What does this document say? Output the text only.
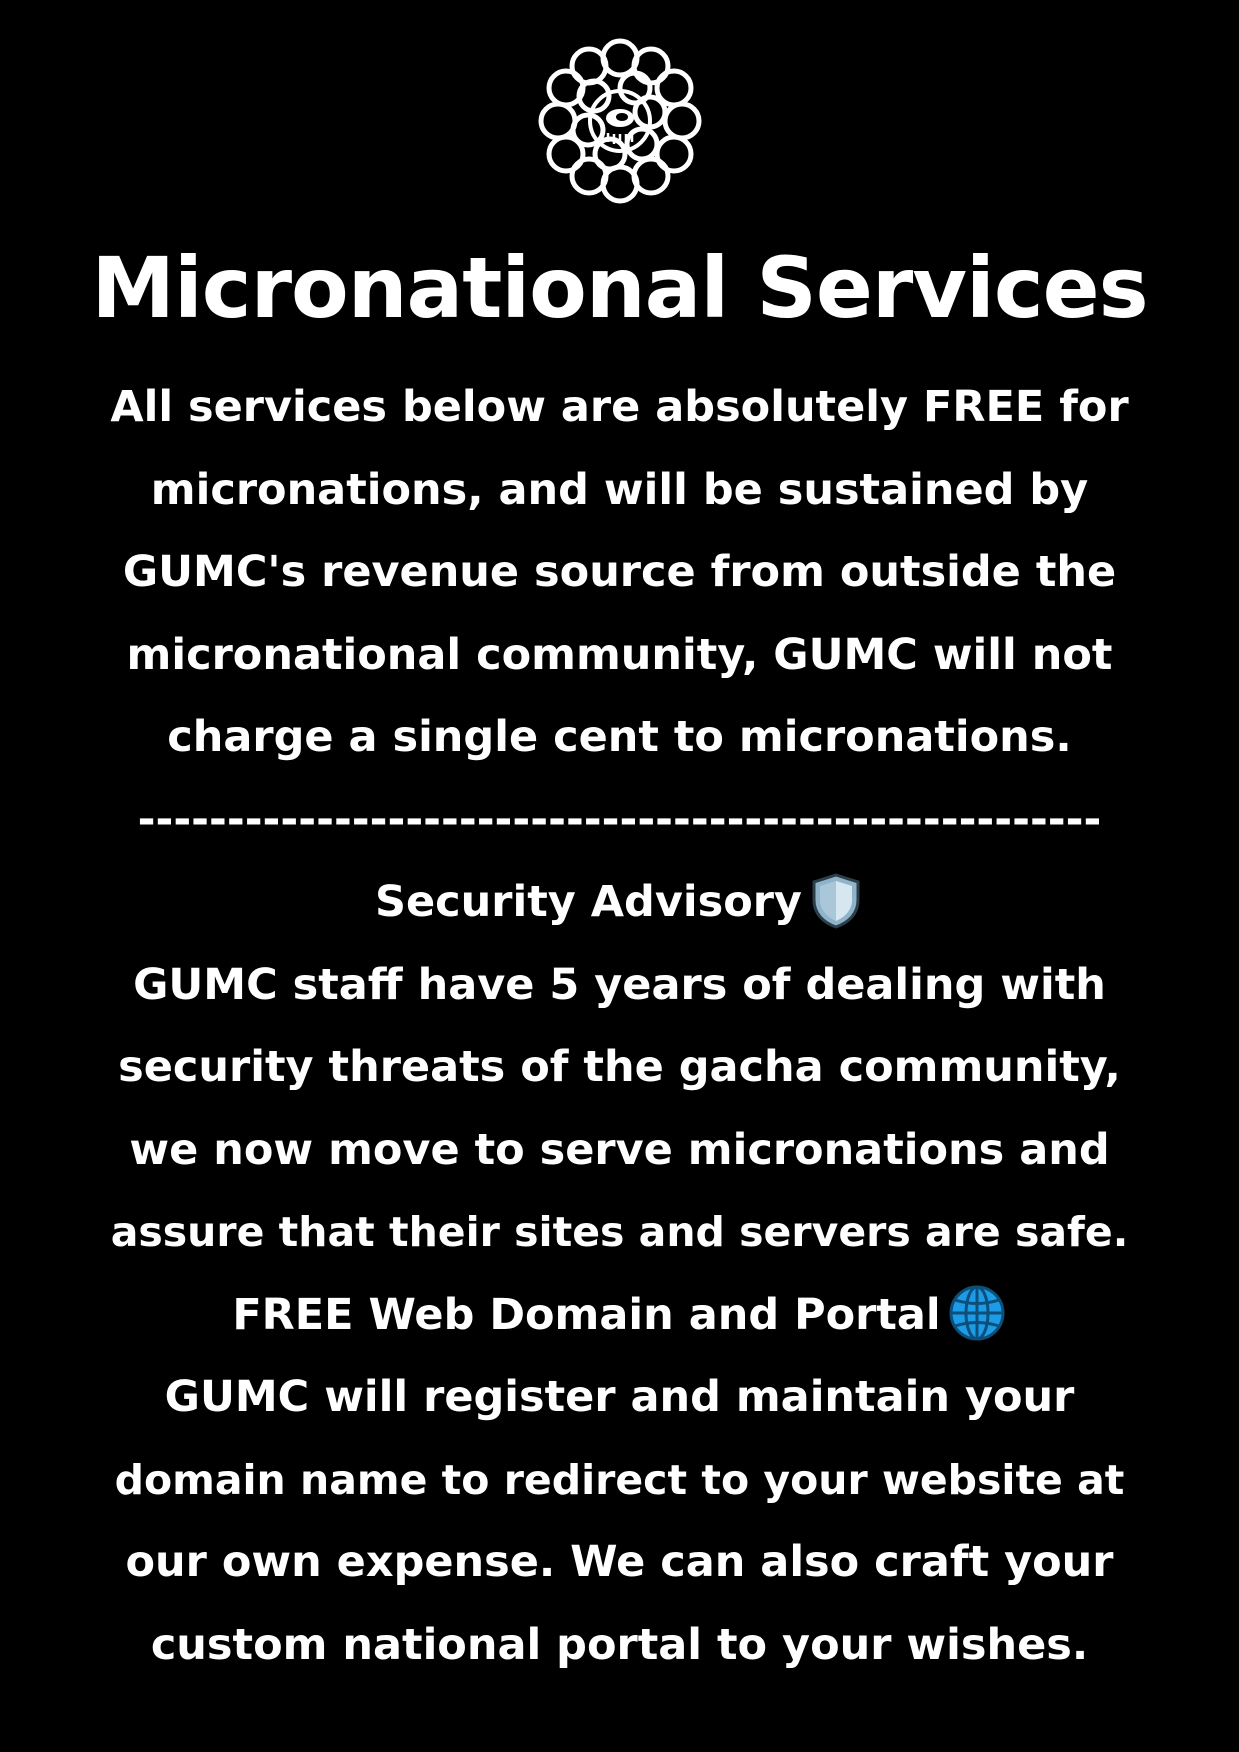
Micronational Services
All services below are absolutely FREE for
micronations, and will be sustained by
GUMC's revenue source from outside the
micronational community, GUMC will not
charge a single cent to micronations.
------------------------------------------------------
Security Advisory
GUMC staff have 5 years of dealing with
security threats of the gacha community,
we now move to serve micronations and
assure that their sites and servers are safe.
FREE Web Domain and Portal
GUMC will register and maintain your
domain name to redirect to your website at
our own expense. We can also craft your
custom national portal to your wishes.
